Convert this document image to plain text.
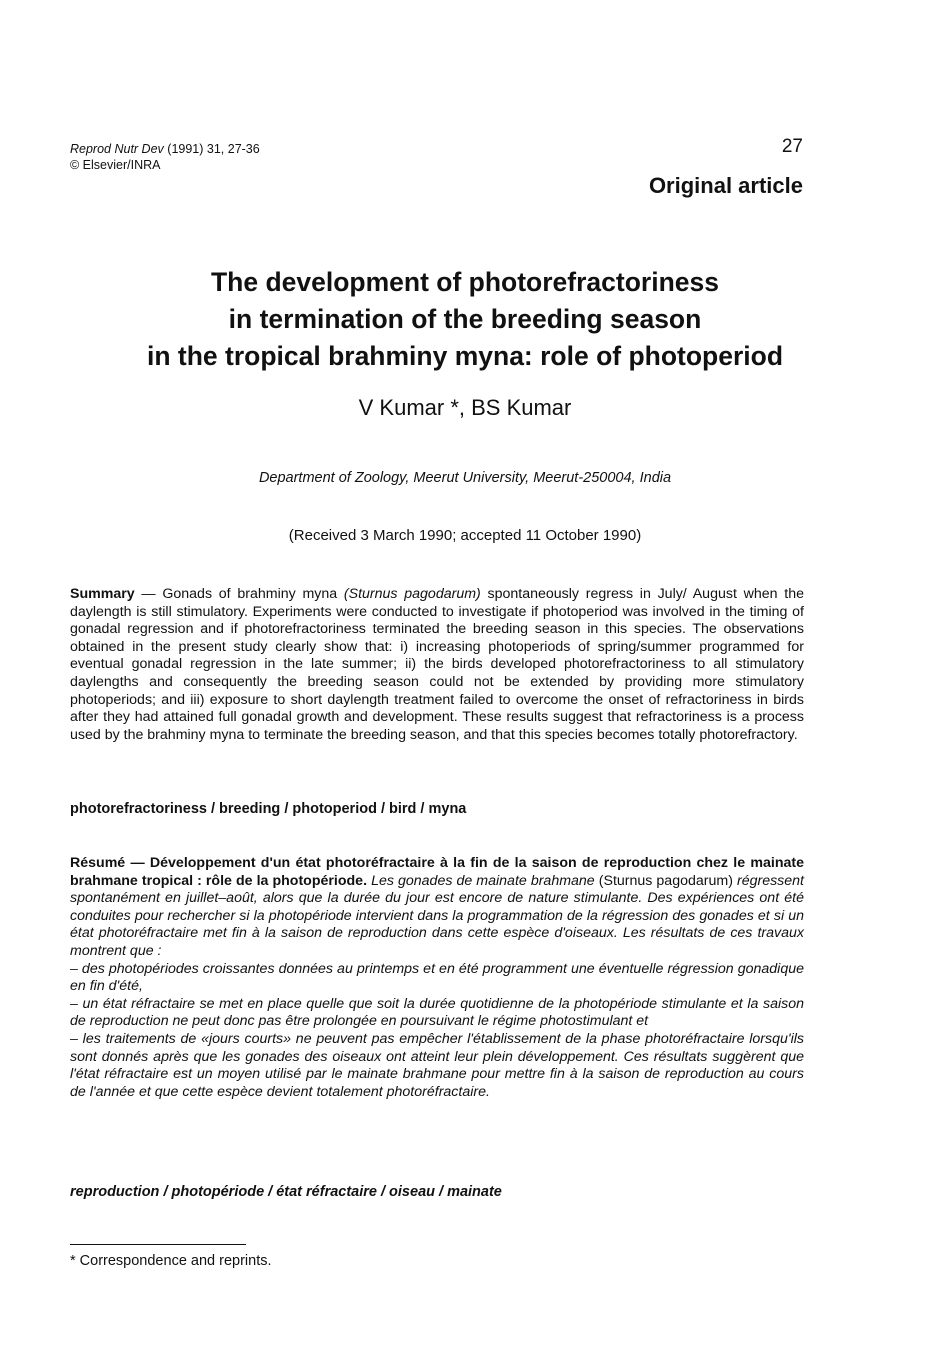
Reprod Nutr Dev (1991) 31, 27-36
© Elsevier/INRA
27
Original article
The development of photorefractoriness
in termination of the breeding season
in the tropical brahminy myna: role of photoperiod
V Kumar *, BS Kumar
Department of Zoology, Meerut University, Meerut-250004, India
(Received 3 March 1990; accepted 11 October 1990)
Summary — Gonads of brahminy myna (Sturnus pagodarum) spontaneously regress in July/ August when the daylength is still stimulatory. Experiments were conducted to investigate if photoperiod was involved in the timing of gonadal regression and if photorefractoriness terminated the breeding season in this species. The observations obtained in the present study clearly show that: i) increasing photoperiods of spring/summer programmed for eventual gonadal regression in the late summer; ii) the birds developed photorefractoriness to all stimulatory daylengths and consequently the breeding season could not be extended by providing more stimulatory photoperiods; and iii) exposure to short daylength treatment failed to overcome the onset of refractoriness in birds after they had attained full gonadal growth and development. These results suggest that refractoriness is a process used by the brahminy myna to terminate the breeding season, and that this species becomes totally photorefractory.
photorefractoriness / breeding / photoperiod / bird / myna
Résumé — Développement d'un état photoréfractaire à la fin de la saison de reproduction chez le mainate brahmane tropical : rôle de la photopériode. Les gonades de mainate brahmane (Sturnus pagodarum) régressent spontanément en juillet–août, alors que la durée du jour est encore de nature stimulante. Des expériences ont été conduites pour rechercher si la photopériode intervient dans la programmation de la régression des gonades et si un état photoréfractaire met fin à la saison de reproduction dans cette espèce d'oiseaux. Les résultats de ces travaux montrent que :
– des photopériodes croissantes données au printemps et en été programment une éventuelle régression gonadique en fin d'été,
– un état réfractaire se met en place quelle que soit la durée quotidienne de la photopériode stimulante et la saison de reproduction ne peut donc pas être prolongée en poursuivant le régime photostimulant et
– les traitements de «jours courts» ne peuvent pas empêcher l'établissement de la phase photoréfractaire lorsqu'ils sont donnés après que les gonades des oiseaux ont atteint leur plein développement. Ces résultats suggèrent que l'état réfractaire est un moyen utilisé par le mainate brahmane pour mettre fin à la saison de reproduction au cours de l'année et que cette espèce devient totalement photoréfractaire.
reproduction / photopériode / état réfractaire / oiseau / mainate
* Correspondence and reprints.
